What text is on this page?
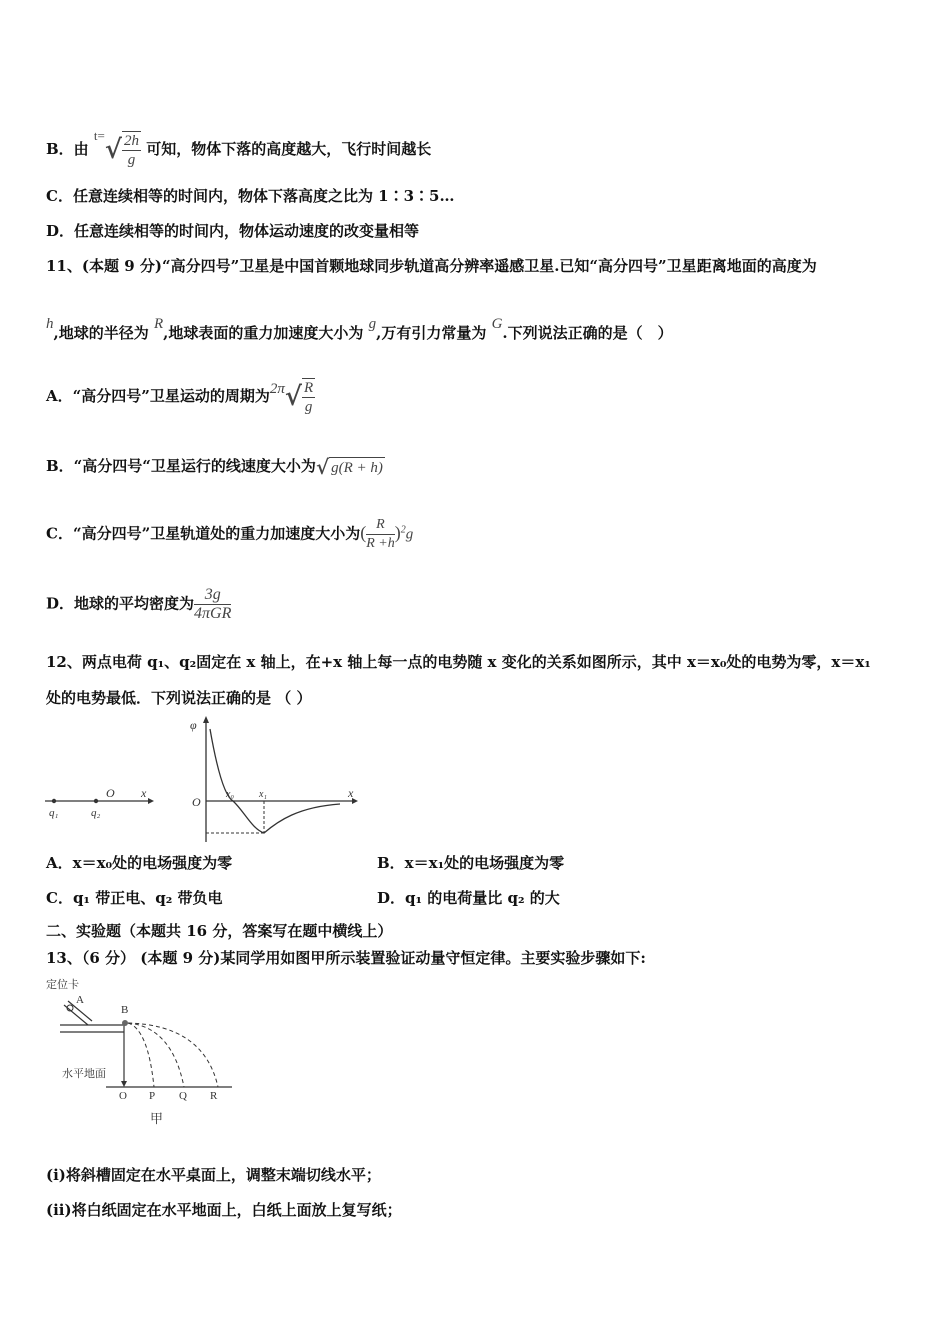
B．由 $t=√ \frac{2h}{g}$ 可知，物体下落的高度越大，飞行时间越长
C．任意连续相等的时间内，物体下落高度之比为 1∶3∶5…
D．任意连续相等的时间内，物体运动速度的改变量相等
11、(本题 9 分)“高分四号”卫星是中国首颗地球同步轨道高分辨率遥感卫星.已知“高分四号”卫星距离地面的高度为
h,地球的半径为 R,地球表面的重力加速度大小为 g,万有引力常量为 G.下列说法正确的是（　）
A．“高分四号”卫星运动的周期为$2\pi√ \frac{R}{g}$
B．“高分四号“卫星运行的线速度大小为√ g(R + h)
C．“高分四号”卫星轨道处的重力加速度大小为( $\frac{R}{R +h} )^2g$
D．地球的平均密度为 $\frac{3g}{\text{4πGR}}$
12、两点电荷 q₁、q₂固定在 x 轴上，在+x 轴上每一点的电势随 x 变化的关系如图所示，其中 x＝x₀处的电势为零，x＝x₁
处的电势最低．下列说法正确的是 （ ）
O x
q₁	q₂
φ
O
x
x₀	x₁
A．x＝x₀处的电场强度为零	B．x＝x₁处的电场强度为零
C．q₁ 带正电、q₂ 带负电	D．q₁ 的电荷量比 q₂ 的大
二、实验题（本题共 16 分，答案写在题中横线上）
13、（6 分） (本题 9 分)某同学用如图甲所示装置验证动量守恒定律。主要实验步骤如下:
定位卡
A
B
水平地面
O P Q R
甲
(i)将斜槽固定在水平桌面上，调整末端切线水平；
(ii)将白纸固定在水平地面上，白纸上面放上复写纸；
